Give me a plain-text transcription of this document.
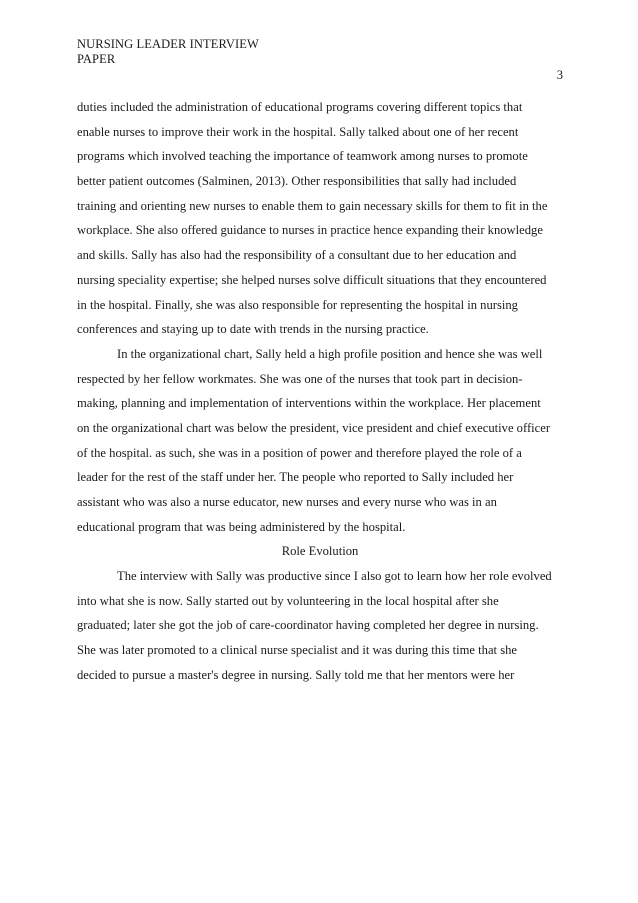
NURSING LEADER INTERVIEW
PAPER
3
duties included the administration of educational programs covering different topics that
enable nurses to improve their work in the hospital. Sally talked about one of her recent
programs which involved teaching the importance of teamwork among nurses to promote
better patient outcomes (Salminen, 2013). Other responsibilities that sally had included
training and orienting new nurses to enable them to gain necessary skills for them to fit in the
workplace. She also offered guidance to nurses in practice hence expanding their knowledge
and skills. Sally has also had the responsibility of a consultant due to her education and
nursing speciality expertise; she helped nurses solve difficult situations that they encountered
in the hospital. Finally, she was also responsible for representing the hospital in nursing
conferences and staying up to date with trends in the nursing practice.
In the organizational chart, Sally held a high profile position and hence she was well
respected by her fellow workmates. She was one of the nurses that took part in decision-
making, planning and implementation of interventions within the workplace. Her placement
on the organizational chart was below the president, vice president and chief executive officer
of the hospital. as such, she was in a position of power and therefore played the role of a
leader for the rest of the staff under her. The people who reported to Sally included her
assistant who was also a nurse educator, new nurses and every nurse who was in an
educational program that was being administered by the hospital.
Role Evolution
The interview with Sally was productive since I also got to learn how her role evolved
into what she is now. Sally started out by volunteering in the local hospital after she
graduated; later she got the job of care-coordinator having completed her degree in nursing.
She was later promoted to a clinical nurse specialist and it was during this time that she
decided to pursue a master's degree in nursing. Sally told me that her mentors were her
